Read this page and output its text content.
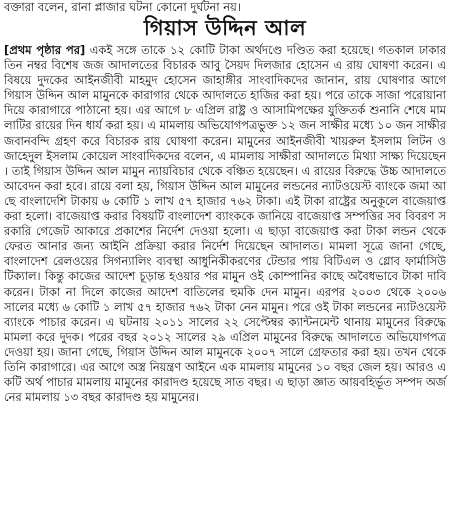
বক্তারা বলেন, রানা প্লাজার ঘটনা কোনো দুর্ঘটনা নয়।
গিয়াস উদ্দিন আল

[প্রথম পৃষ্ঠার পর] একই সঙ্গে তাকে ১২ কোটি টাকা অর্থদণ্ডে দণ্ডিত করা হয়েছে। গতকাল ঢাকার তিন নম্বর বিশেষ জজ আদালতের বিচারক আবু সৈয়দ দিলজার হোসেন এ রায় ঘোষণা করেন। এ বিষয়ে দুদকের আইনজীবী মাহমুদ হোসেন জাহাঙ্গীর সাংবাদিকদের জানান, রায় ঘোষণার আগে গিয়াস উদ্দিন আল মামুনকে কারাগার থেকে আদালতে হাজির করা হয়। পরে তাকে সাজা পরোয়ানা দিয়ে কারাগারে পাঠানো হয়। এর আগে ৮ এপ্রিল রাষ্ট্র ও আসামিপক্ষের যুক্তিতর্ক শুনানি শেষে মামলাটির রায়ের দিন ধার্য করা হয়। এ মামলায় অভিযোগপত্রভুক্ত ১২ জন সাক্ষীর মধ্যে ১০ জন সাক্ষীর জবানবন্দি গ্রহণ করে বিচারক রায় ঘোষণা করেন। মামুনের আইনজীবী খায়রুল ইসলাম লিটন ও জাহেদুল ইসলাম কোয়েল সাংবাদিকদের বলেন, এ মামলায় সাক্ষীরা আদালতে মিথ্যা সাক্ষ্য দিয়েছেন। তাই গিয়াস উদ্দিন আল মামুন ন্যায়বিচার থেকে বঞ্চিত হয়েছেন। এ রায়ের বিরুদ্ধে উচ্চ আদালতে আবেদন করা হবে। রায়ে বলা হয়, গিয়াস উদ্দিন আল মামুনের লন্ডনের ন্যাটওয়েস্ট ব্যাংকে জমা আছে বাংলাদেশি টাকায় ৬ কোটি ১ লাখ ৫৭ হাজার ৭৬২ টাকা। এই টাকা রাষ্ট্রের অনুকূলে বাজেয়াপ্ত করা হলো। বাজেয়াপ্ত করার বিষয়টি বাংলাদেশ ব্যাংককে জানিয়ে বাজেয়াপ্ত সম্পত্তির সব বিবরণ সরকারি গেজেট আকারে প্রকাশের নির্দেশ দেওয়া হলো। এ ছাড়া বাজেয়াপ্ত করা টাকা লন্ডন থেকে ফেরত আনার জন্য আইনি প্রক্রিয়া করার নির্দেশ দিয়েছেন আদালত। মামলা সূত্রে জানা গেছে, বাংলাদেশ রেলওয়ের সিগন্যালিং ব্যবস্থা আধুনিকীকরণের টেন্ডার পায় বিটিএল ও গ্লোব ফার্মাসিউটিক্যাল। কিন্তু কাজের আদেশ চূড়ান্ত হওয়ার পর মামুন ওই কোম্পানির কাছে অবৈধভাবে টাকা দাবি করেন। টাকা না দিলে কাজের আদেশ বাতিলের হুমকি দেন মামুন। এরপর ২০০৩ থেকে ২০০৬ সালের মধ্যে ৬ কোটি ১ লাখ ৫৭ হাজার ৭৬২ টাকা নেন মামুন। পরে ওই টাকা লন্ডনের ন্যাটওয়েস্ট ব্যাংকে পাচার করেন। এ ঘটনায় ২০১১ সালের ২২ সেপ্টেম্বর ক্যান্টনমেন্ট থানায় মামুনের বিরুদ্ধে মামলা করে দুদক। পরের বছর ২০১২ সালের ২৯ এপ্রিল মামুনের বিরুদ্ধে আদালতে অভিযোগপত্র দেওয়া হয়। জানা গেছে, গিয়াস উদ্দিন আল মামুনকে ২০০৭ সালে গ্রেফতার করা হয়। তখন থেকে তিনি কারাগারে। এর আগে অস্ত্র নিয়ন্ত্রণ আইনে এক মামলায় মামুনের ১০ বছর জেল হয়। আরও একটি অর্থ পাচার মামলায় মামুনের কারাদণ্ড হয়েছে সাত বছর। এ ছাড়া জ্ঞাত আয়বহির্ভূত সম্পদ অর্জনের মামলায় ১৩ বছর কারাদণ্ড হয় মামুনের।
